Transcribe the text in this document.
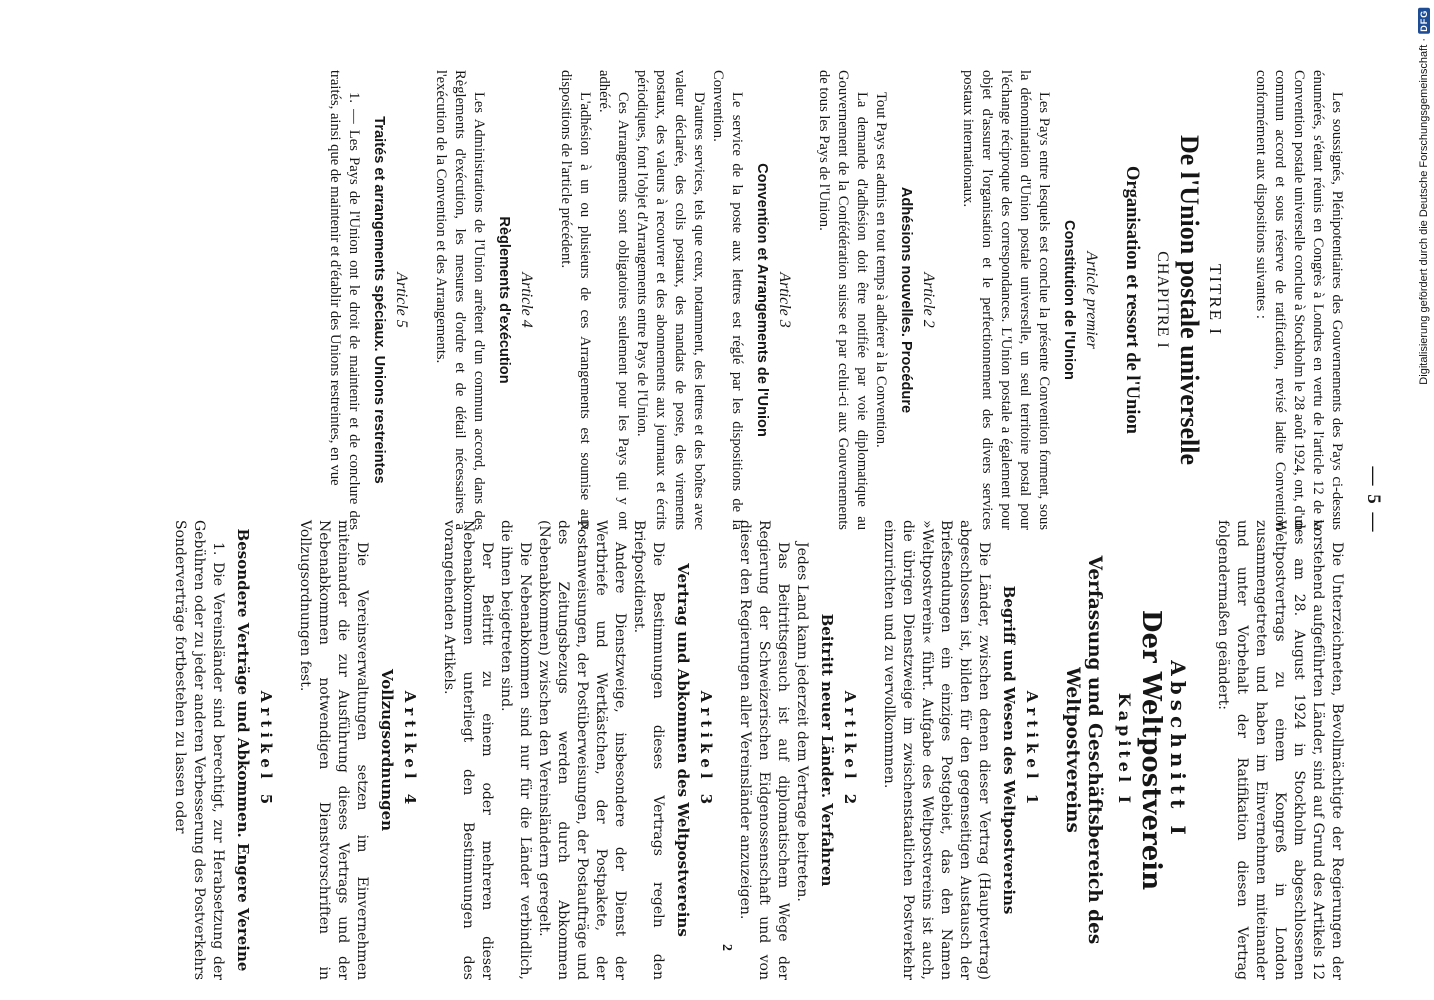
— 5 —

Les soussignés, Plénipotentiaires des Gouvernements des Pays ci-dessus énumérés, s'étant réunis en Congrès à Londres en vertu de l'article 12 de la Convention postale universelle conclue à Stockholm le 28 août 1924, ont, d'un commun accord et sous réserve de ratification, revisé ladite Convention conformément aux dispositions suivantes :

TITRE I
De l'Union postale universelle
CHAPITRE I
Organisation et ressort de l'Union
Article premier
Constitution de l'Union

Les Pays entre lesquels est conclue la présente Convention forment, sous la dénomination d'Union postale universelle, un seul territoire postal pour l'échange réciproque des correspondances. L'Union postale a également pour objet d'assurer l'organisation et le perfectionnement des divers services postaux internationaux.

Article 2
Adhésions nouvelles. Procédure

Tout Pays est admis en tout temps à adhérer à la Convention.

La demande d'adhésion doit être notifiée par voie diplomatique au Gouvernement de la Confédération suisse et par celui-ci aux Gouvernements de tous les Pays de l'Union.

Article 3
Convention et Arrangements de l'Union

Le service de la poste aux lettres est réglé par les dispositions de la Convention.

D'autres services, tels que ceux, notamment, des lettres et des boîtes avec valeur déclarée, des colis postaux, des mandats de poste, des virements postaux, des valeurs à recouvrer et des abonnements aux journaux et écrits périodiques, font l'objet d'Arrangements entre Pays de l'Union.

Ces Arrangements sont obligatoires seulement pour les Pays qui y ont adhéré.

L'adhésion à un ou plusieurs de ces Arrangements est soumise aux dispositions de l'article précédent.

Article 4
Règlements d'exécution

Les Administrations de l'Union arrêtent d'un commun accord, dans des Règlements d'exécution, les mesures d'ordre et de détail nécessaires à l'exécution de la Convention et des Arrangements.

Article 5
Traités et arrangements spéciaux. Unions restreintes

1. — Les Pays de l'Union ont le droit de maintenir et de conclure des traités, ainsi que de maintenir et d'établir des Unions restreintes, en vue

Die Unterzeichneten, Bevollmächtigte der Regierungen der vorstehend aufgeführten Länder, sind auf Grund des Artikels 12 des am 28. August 1924 in Stockholm abgeschlossenen Weltpostvertrags zu einem Kongreß in London zusammengetreten und haben im Einvernehmen miteinander und unter Vorbehalt der Ratifikation diesen Vertrag folgendermaßen geändert:

Abschnitt I
Der Weltpostverein
Kapitel I
Verfassung und Geschäftsbereich des Weltpostvereins
Artikel 1
Begriff und Wesen des Weltpostvereins

Die Länder, zwischen denen dieser Vertrag (Hauptvertrag) abgeschlossen ist, bilden für den gegenseitigen Austausch der Briefsendungen ein einziges Postgebiet, das den Namen »Weltpostverein« führt. Aufgabe des Weltpostvereins ist auch, die übrigen Dienstzweige im zwischenstaatlichen Postverkehr einzurichten und zu vervollkommnen.

Artikel 2
Beitritt neuer Länder. Verfahren

Jedes Land kann jederzeit dem Vertrage beitreten.

Das Beitrittsgesuch ist auf diplomatischem Wege der Regierung der Schweizerischen Eidgenossenschaft und von dieser den Regierungen aller Vereinsländer anzuzeigen.

Artikel 3
Vertrag und Abkommen des Weltpostvereins

Die Bestimmungen dieses Vertrags regeln den Briefpostdienst.

Andere Dienstzweige, insbesondere der Dienst der Wertbriefe und Wertkästchen, der Postpakete, der Postanweisungen, der Postüberweisungen, der Postaufträge und des Zeitungsbezugs werden durch Abkommen (Nebenabkommen) zwischen den Vereinsländern geregelt.

Die Nebenabkommen sind nur für die Länder verbindlich, die ihnen beigetreten sind.

Der Beitritt zu einem oder mehreren dieser Nebenabkommen unterliegt den Bestimmungen des vorangehenden Artikels.

Artikel 4
Vollzugsordnungen

Die Vereinsverwaltungen setzen im Einvernehmen miteinander die zur Ausführung dieses Vertrags und der Nebenabkommen notwendigen Dienstvorschriften in Vollzugsordnungen fest.

Artikel 5
Besondere Verträge und Abkommen. Engere Vereine

1. Die Vereinsländer sind berechtigt, zur Herabsetzung der Gebühren oder zu jeder anderen Verbesserung des Postverkehrs Sonderverträge fortbestehen zu lassen oder

2
Digitalisierung gefördert durch die Deutsche Forschungsgemeinschaft ·
DFG
